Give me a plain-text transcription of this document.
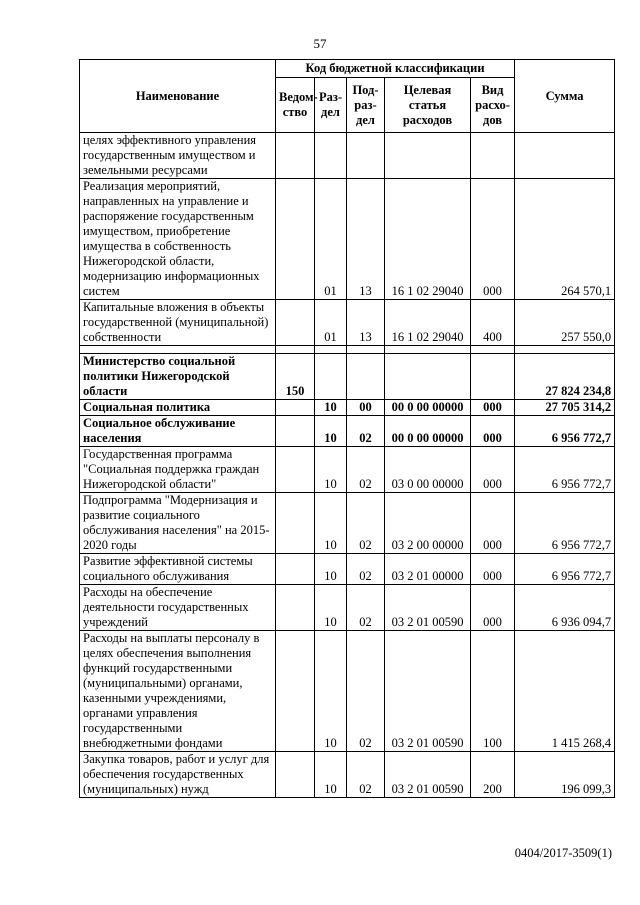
57
Наименование	Код бюджетной классификации					Сумма
	Ведом-ство	Раз-дел	Под-раз-дел	Целевая статья расходов	Вид расхо-дов	
целях эффективного управления государственным имуществом и земельными ресурсами						
Реализация мероприятий, направленных на управление и распоряжение государственным имуществом, приобретение имущества в собственность Нижегородской области, модернизацию информационных систем		01	13	16 1 02 29040	000	264 570,1
Капитальные вложения в объекты государственной (муниципальной) собственности		01	13	16 1 02 29040	400	257 550,0

Министерство социальной политики Нижегородской области	150					27 824 234,8
Социальная политика		10	00	00 0 00 00000	000	27 705 314,2
Социальное обслуживание населения		10	02	00 0 00 00000	000	6 956 772,7
Государственная программа "Социальная поддержка граждан Нижегородской области"		10	02	03 0 00 00000	000	6 956 772,7
Подпрограмма "Модернизация и развитие социального обслуживания населения" на 2015-2020 годы		10	02	03 2 00 00000	000	6 956 772,7
Развитие эффективной системы социального обслуживания		10	02	03 2 01 00000	000	6 956 772,7
Расходы на обеспечение деятельности государственных учреждений		10	02	03 2 01 00590	000	6 936 094,7
Расходы на выплаты персоналу в целях обеспечения выполнения функций государственными (муниципальными) органами, казенными учреждениями, органами управления государственными внебюджетными фондами		10	02	03 2 01 00590	100	1 415 268,4
Закупка товаров, работ и услуг для обеспечения государственных (муниципальных) нужд		10	02	03 2 01 00590	200	196 099,3
0404/2017-3509(1)
